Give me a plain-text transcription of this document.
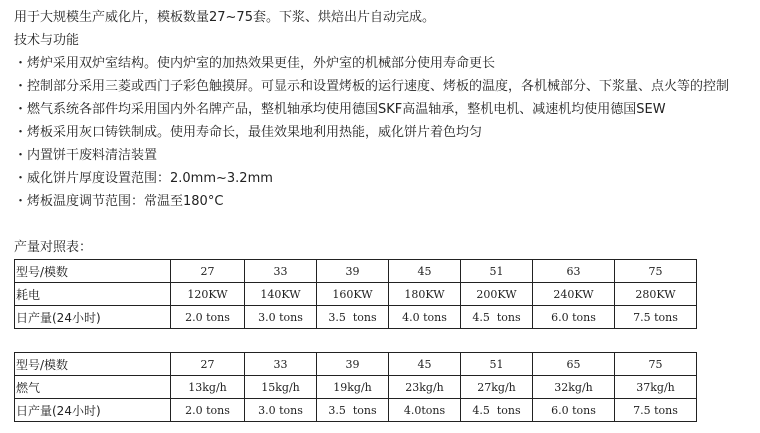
用于大规模生产威化片，模板数量27~75套。下浆、烘焙出片自动完成。
技术与功能
・烤炉采用双炉室结构。使内炉室的加热效果更佳，外炉室的机械部分使用寿命更长
・控制部分采用三菱或西门子彩色触摸屏。可显示和设置烤板的运行速度、烤板的温度，各机械部分、下浆量、点火等的控制
・燃气系统各部件均采用国内外名牌产品，整机轴承均使用德国SKF高温轴承，整机电机、减速机均使用德国SEW
・烤板采用灰口铸铁制成。使用寿命长，最佳效果地利用热能，威化饼片着色均匀
・内置饼干废料清洁装置
・威化饼片厚度设置范围：2.0mm~3.2mm
・烤板温度调节范围：常温至180°C
产量对照表：
型号/模数	27	33	39	45	51	63	75
耗电	120KW	140KW	160KW	180KW	200KW	240KW	280KW
日产量(24小时)	2.0 tons	3.0 tons	3.5  tons	4.0 tons	4.5  tons	6.0 tons	7.5 tons
型号/模数	27	33	39	45	51	65	75
燃气	13kg/h	15kg/h	19kg/h	23kg/h	27kg/h	32kg/h	37kg/h
日产量(24小时)	2.0 tons	3.0 tons	3.5  tons	4.0tons	4.5  tons	6.0 tons	7.5 tons
